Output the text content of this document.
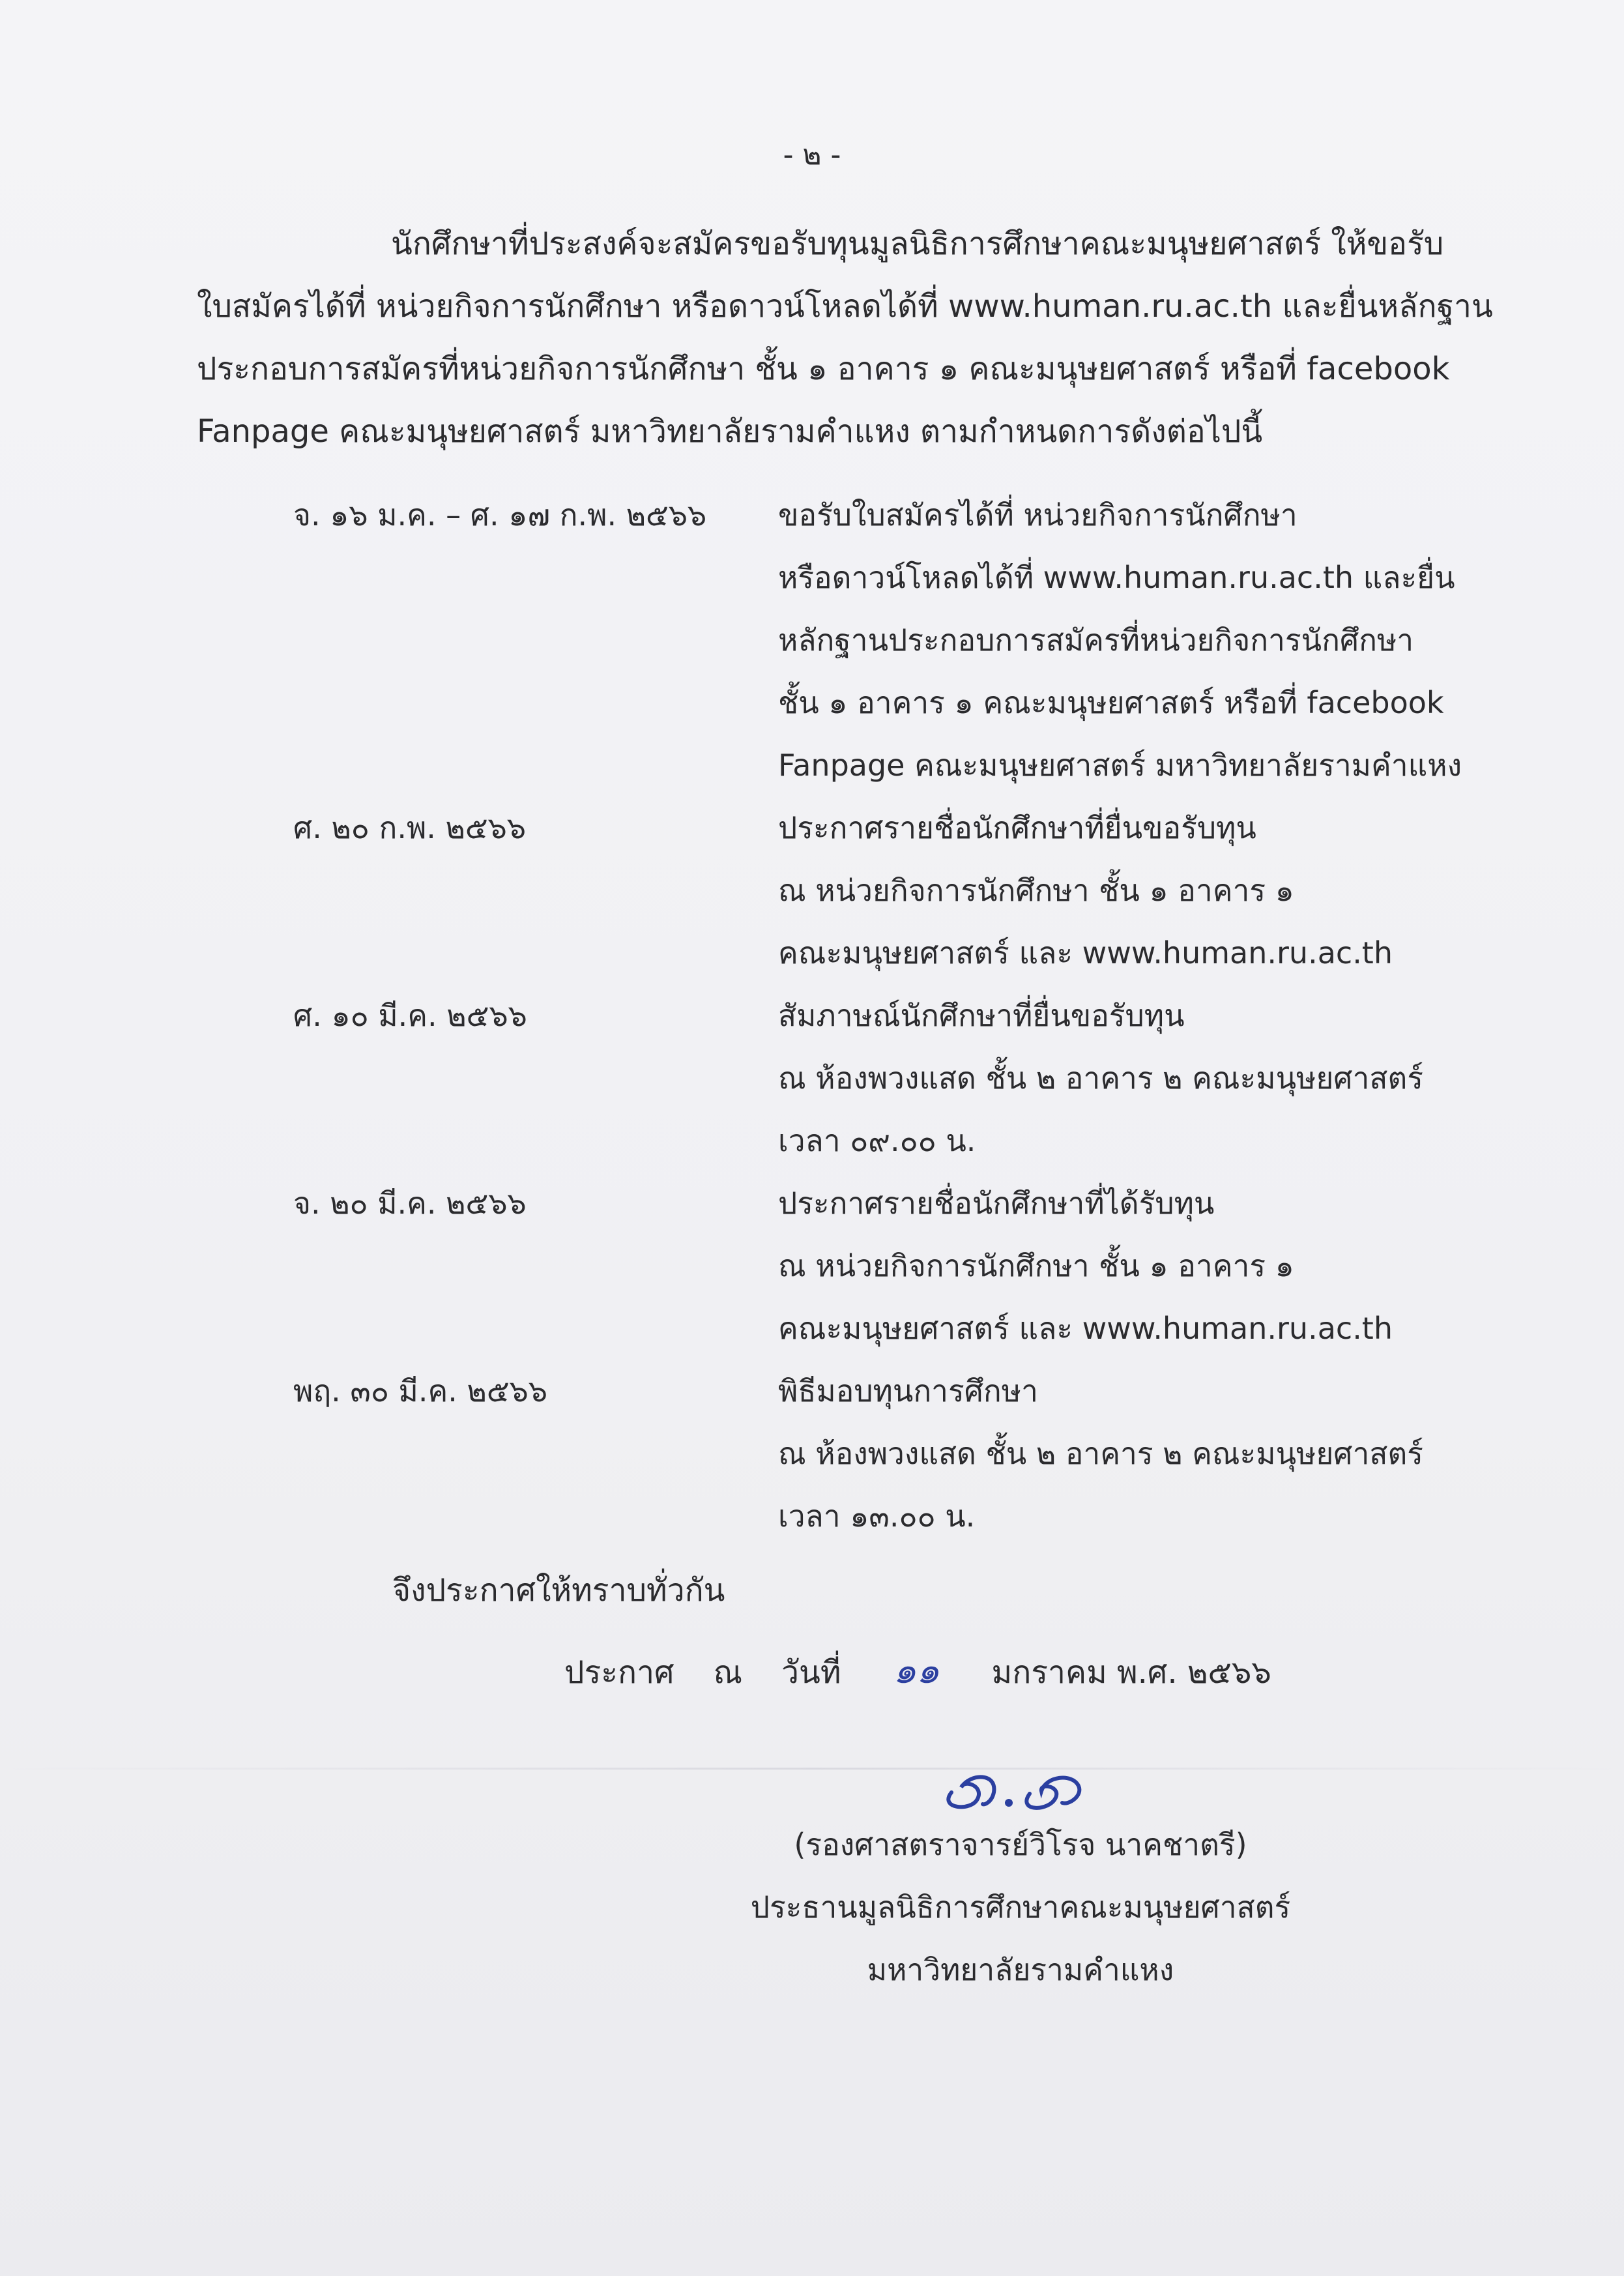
- ๒ -
นักศึกษาที่ประสงค์จะสมัครขอรับทุนมูลนิธิการศึกษาคณะมนุษยศาสตร์ ให้ขอรับ
ใบสมัครได้ที่ หน่วยกิจการนักศึกษา หรือดาวน์โหลดได้ที่ www.human.ru.ac.th และยื่นหลักฐาน
ประกอบการสมัครที่หน่วยกิจการนักศึกษา ชั้น ๑ อาคาร ๑ คณะมนุษยศาสตร์ หรือที่ facebook
Fanpage คณะมนุษยศาสตร์ มหาวิทยาลัยรามคำแหง ตามกำหนดการดังต่อไปนี้
จ. ๑๖ ม.ค. – ศ. ๑๗ ก.พ. ๒๕๖๖	ขอรับใบสมัครได้ที่ หน่วยกิจการนักศึกษา
หรือดาวน์โหลดได้ที่ www.human.ru.ac.th และยื่น
หลักฐานประกอบการสมัครที่หน่วยกิจการนักศึกษา
ชั้น ๑ อาคาร ๑ คณะมนุษยศาสตร์ หรือที่ facebook
Fanpage คณะมนุษยศาสตร์ มหาวิทยาลัยรามคำแหง
ศ. ๒๐ ก.พ. ๒๕๖๖	ประกาศรายชื่อนักศึกษาที่ยื่นขอรับทุน
ณ หน่วยกิจการนักศึกษา ชั้น ๑ อาคาร ๑
คณะมนุษยศาสตร์ และ www.human.ru.ac.th
ศ. ๑๐ มี.ค. ๒๕๖๖	สัมภาษณ์นักศึกษาที่ยื่นขอรับทุน
ณ ห้องพวงแสด ชั้น ๒ อาคาร ๒ คณะมนุษยศาสตร์
เวลา ๐๙.๐๐ น.
จ. ๒๐ มี.ค. ๒๕๖๖	ประกาศรายชื่อนักศึกษาที่ได้รับทุน
ณ หน่วยกิจการนักศึกษา ชั้น ๑ อาคาร ๑
คณะมนุษยศาสตร์ และ www.human.ru.ac.th
พฤ. ๓๐ มี.ค. ๒๕๖๖	พิธีมอบทุนการศึกษา
ณ ห้องพวงแสด ชั้น ๒ อาคาร ๒ คณะมนุษยศาสตร์
เวลา ๑๓.๐๐ น.
จึงประกาศให้ทราบทั่วกัน
ประกาศ ณ วันที่ ๑๑ มกราคม พ.ศ. ๒๕๖๖
(รองศาสตราจารย์วิโรจ นาคชาตรี)
ประธานมูลนิธิการศึกษาคณะมนุษยศาสตร์
มหาวิทยาลัยรามคำแหง
